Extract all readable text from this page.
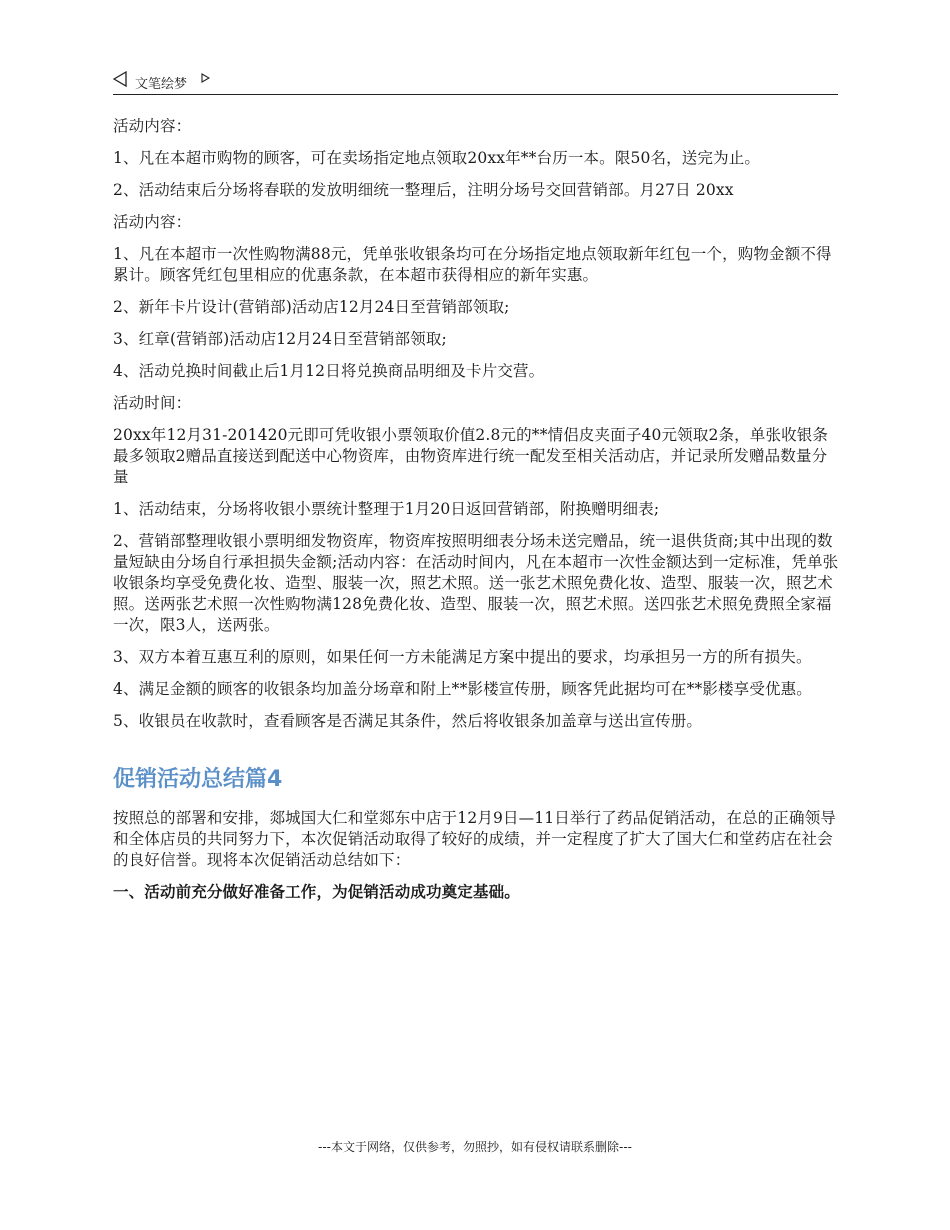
文笔绘梦

活动内容：

1、凡在本超市购物的顾客，可在卖场指定地点领取20xx年**台历一本。限50名，送完为止。

2、活动结束后分场将春联的发放明细统一整理后，注明分场号交回营销部。月27日 20xx

活动内容：

1、凡在本超市一次性购物满88元，凭单张收银条均可在分场指定地点领取新年红包一个，购物金额不得累计。顾客凭红包里相应的优惠条款，在本超市获得相应的新年实惠。

2、新年卡片设计(营销部)活动店12月24日至营销部领取;

3、红章(营销部)活动店12月24日至营销部领取;

4、活动兑换时间截止后1月12日将兑换商品明细及卡片交营。

活动时间：

20xx年12月31-201420元即可凭收银小票领取价值2.8元的**情侣皮夹面子40元领取2条，单张收银条最多领取2赠品直接送到配送中心物资库，由物资库进行统一配发至相关活动店，并记录所发赠品数量分量

1、活动结束，分场将收银小票统计整理于1月20日返回营销部，附换赠明细表;

2、营销部整理收银小票明细发物资库，物资库按照明细表分场未送完赠品，统一退供货商;其中出现的数量短缺由分场自行承担损失金额;活动内容：在活动时间内，凡在本超市一次性金额达到一定标准，凭单张收银条均享受免费化妆、造型、服装一次，照艺术照。送一张艺术照免费化妆、造型、服装一次，照艺术照。送两张艺术照一次性购物满128免费化妆、造型、服装一次，照艺术照。送四张艺术照免费照全家福一次，限3人，送两张。

3、双方本着互惠互利的原则，如果任何一方未能满足方案中提出的要求，均承担另一方的所有损失。

4、满足金额的顾客的收银条均加盖分场章和附上**影楼宣传册，顾客凭此据均可在**影楼享受优惠。

5、收银员在收款时，查看顾客是否满足其条件，然后将收银条加盖章与送出宣传册。

促销活动总结篇4

按照总的部署和安排，郯城国大仁和堂郯东中店于12月9日—11日举行了药品促销活动，在总的正确领导和全体店员的共同努力下，本次促销活动取得了较好的成绩，并一定程度了扩大了国大仁和堂药店在社会的良好信誉。现将本次促销活动总结如下：

一、活动前充分做好准备工作，为促销活动成功奠定基础。

---本文于网络，仅供参考，勿照抄，如有侵权请联系删除---
